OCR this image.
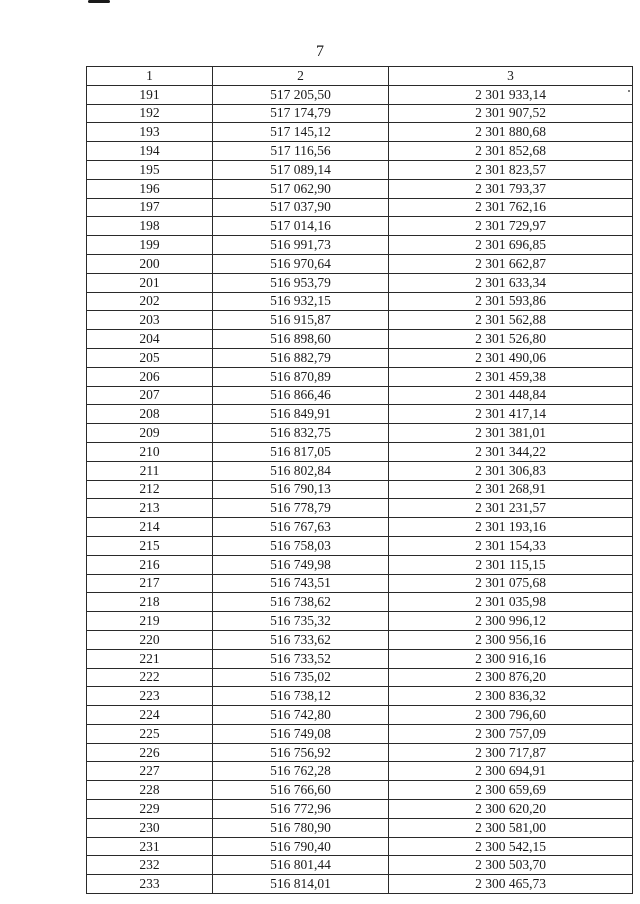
7
1	2	3
191	517 205,50	2 301 933,14
192	517 174,79	2 301 907,52
193	517 145,12	2 301 880,68
194	517 116,56	2 301 852,68
195	517 089,14	2 301 823,57
196	517 062,90	2 301 793,37
197	517 037,90	2 301 762,16
198	517 014,16	2 301 729,97
199	516 991,73	2 301 696,85
200	516 970,64	2 301 662,87
201	516 953,79	2 301 633,34
202	516 932,15	2 301 593,86
203	516 915,87	2 301 562,88
204	516 898,60	2 301 526,80
205	516 882,79	2 301 490,06
206	516 870,89	2 301 459,38
207	516 866,46	2 301 448,84
208	516 849,91	2 301 417,14
209	516 832,75	2 301 381,01
210	516 817,05	2 301 344,22
211	516 802,84	2 301 306,83
212	516 790,13	2 301 268,91
213	516 778,79	2 301 231,57
214	516 767,63	2 301 193,16
215	516 758,03	2 301 154,33
216	516 749,98	2 301 115,15
217	516 743,51	2 301 075,68
218	516 738,62	2 301 035,98
219	516 735,32	2 300 996,12
220	516 733,62	2 300 956,16
221	516 733,52	2 300 916,16
222	516 735,02	2 300 876,20
223	516 738,12	2 300 836,32
224	516 742,80	2 300 796,60
225	516 749,08	2 300 757,09
226	516 756,92	2 300 717,87
227	516 762,28	2 300 694,91
228	516 766,60	2 300 659,69
229	516 772,96	2 300 620,20
230	516 780,90	2 300 581,00
231	516 790,40	2 300 542,15
232	516 801,44	2 300 503,70
233	516 814,01	2 300 465,73
